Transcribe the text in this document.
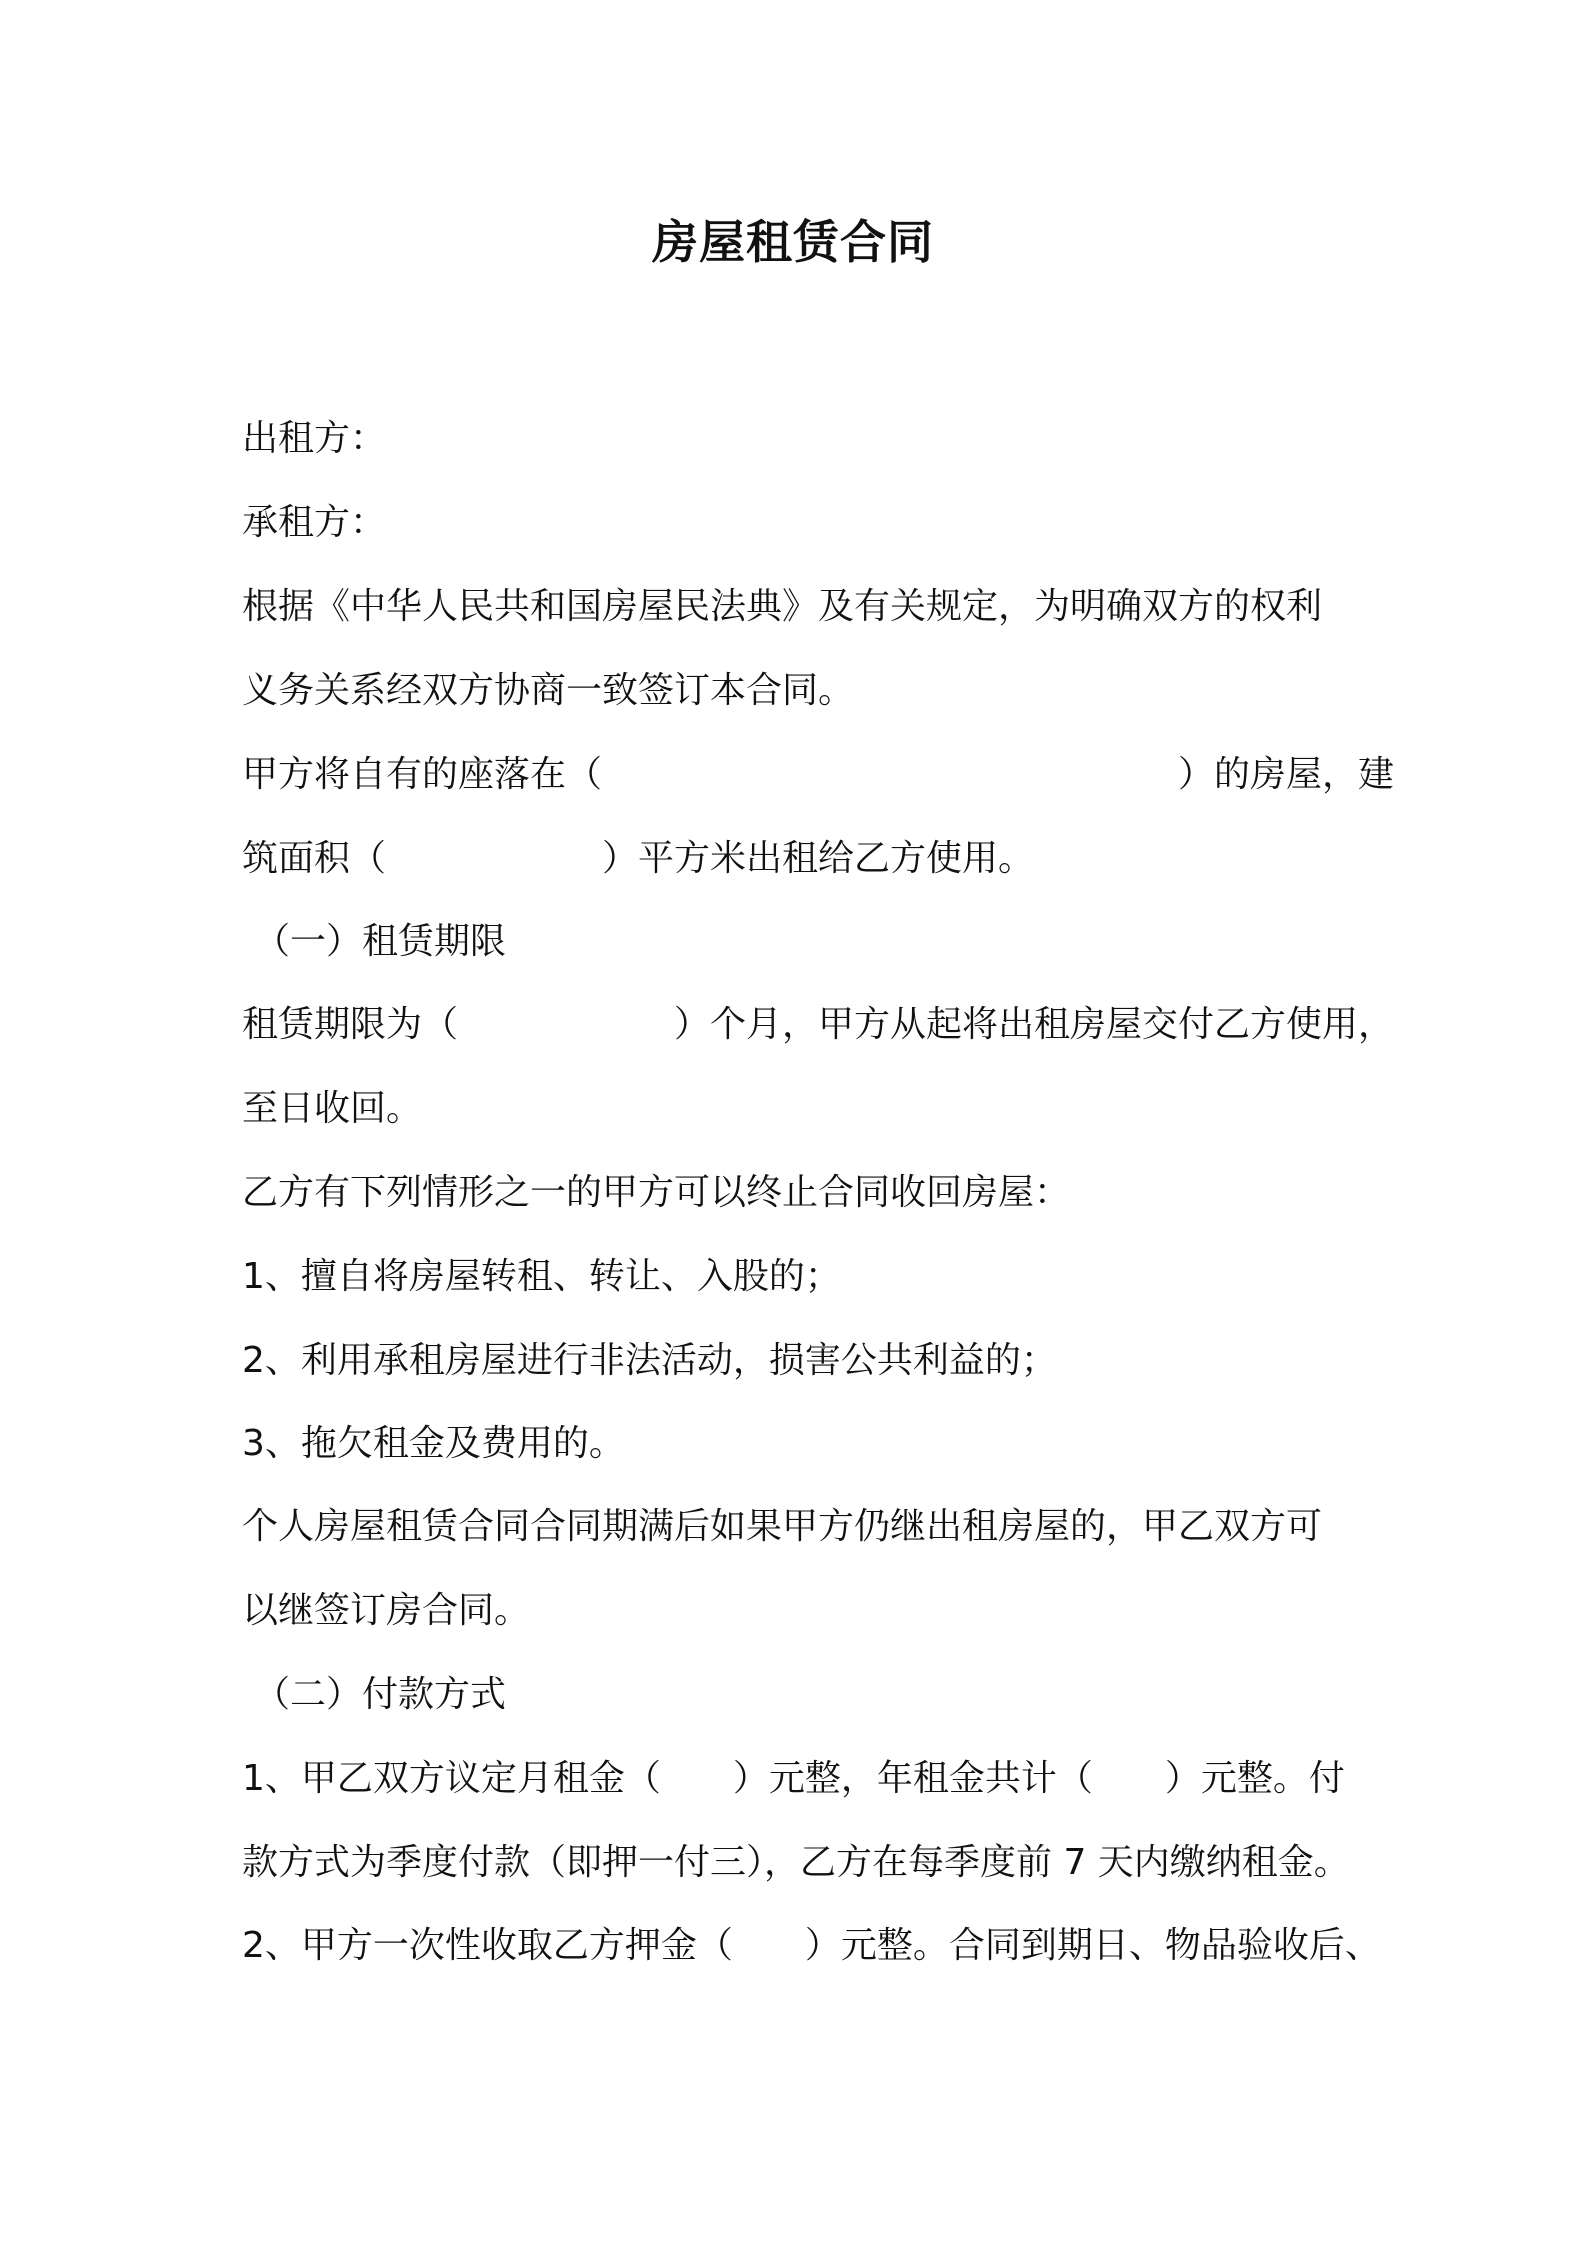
房屋租赁合同
出租方：
承租方：
根据《中华人民共和国房屋民法典》及有关规定，为明确双方的权利
义务关系经双方协商一致签订本合同。
甲方将自有的座落在（　　　　　　　　　　　　　　　　）的房屋，建
筑面积（　　　　　　）平方米出租给乙方使用。
（一）租赁期限
租赁期限为（　　　　　　）个月，甲方从起将出租房屋交付乙方使用，
至日收回。
乙方有下列情形之一的甲方可以终止合同收回房屋：
1、擅自将房屋转租、转让、入股的；
2、利用承租房屋进行非法活动，损害公共利益的；
3、拖欠租金及费用的。
个人房屋租赁合同合同期满后如果甲方仍继出租房屋的，甲乙双方可
以继签订房合同。
（二）付款方式
1、甲乙双方议定月租金（　　）元整，年租金共计（　　）元整。付
款方式为季度付款（即押一付三），乙方在每季度前 7 天内缴纳租金。
2、甲方一次性收取乙方押金（　　）元整。合同到期日、物品验收后、
